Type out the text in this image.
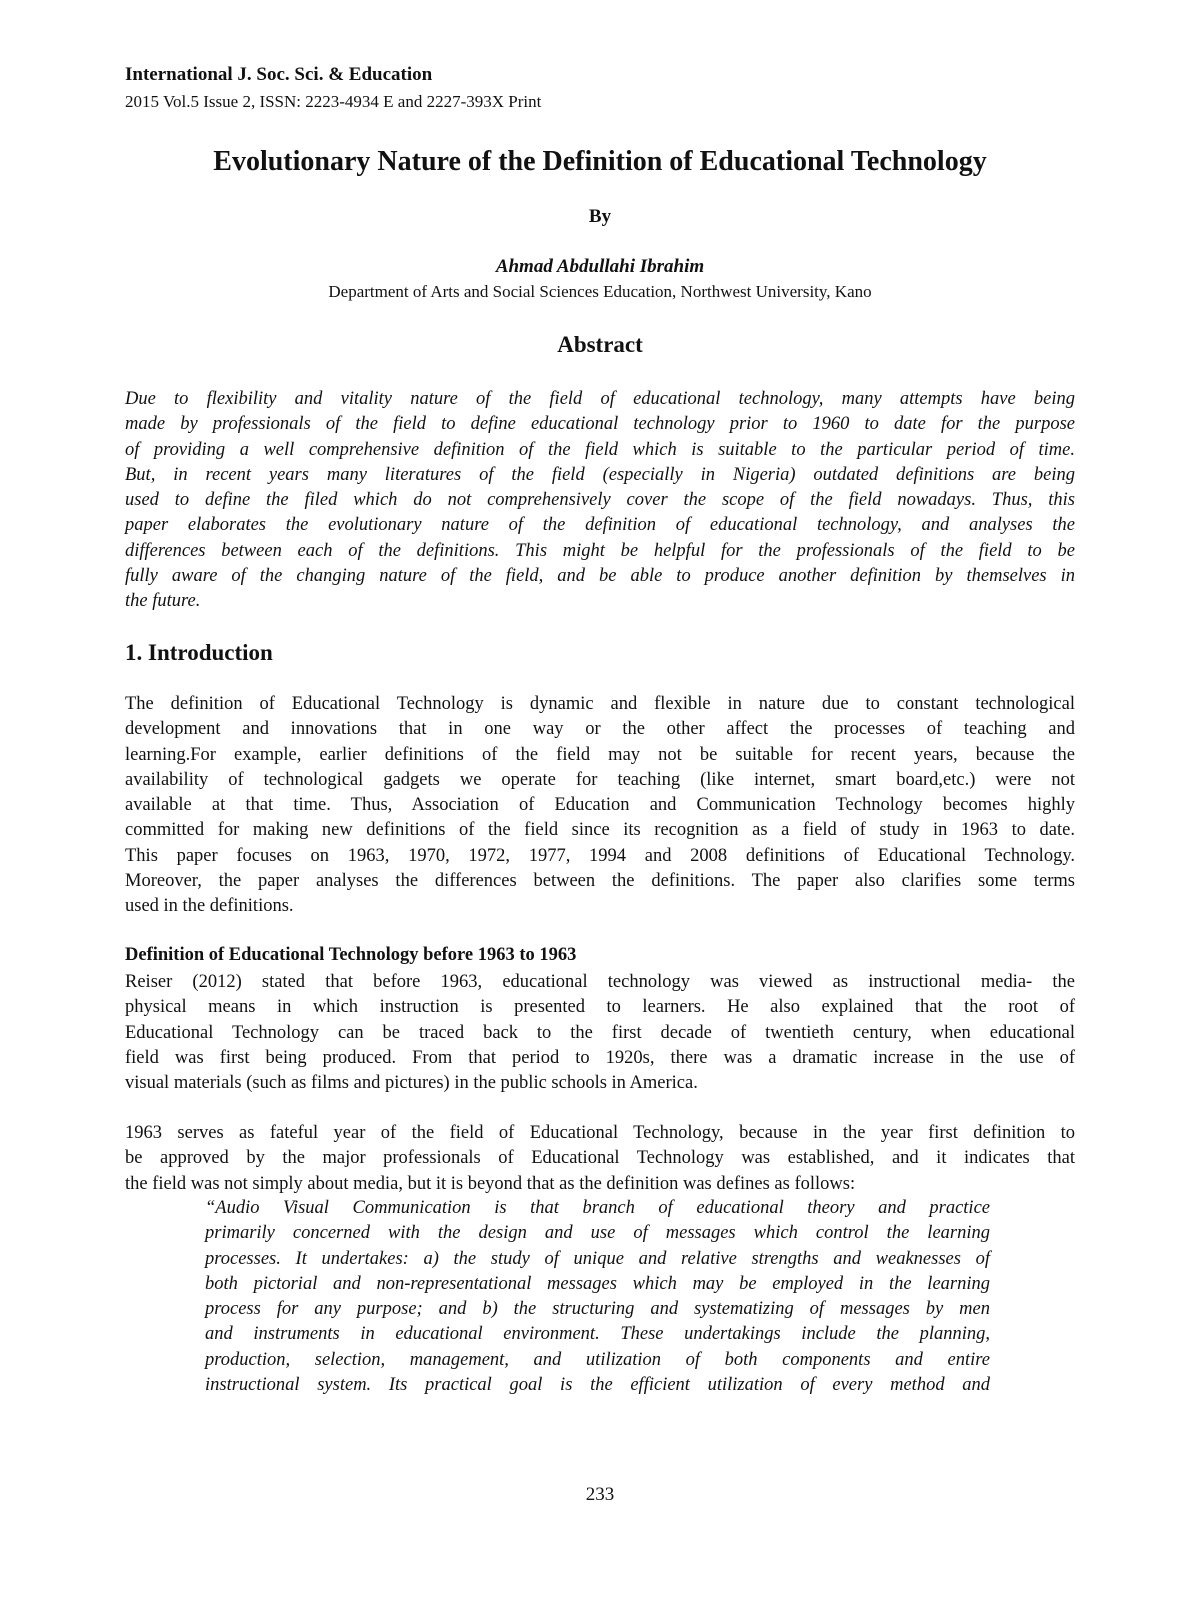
International J. Soc. Sci. & Education
2015 Vol.5 Issue 2, ISSN: 2223-4934 E and 2227-393X Print
Evolutionary Nature of the Definition of Educational Technology
By
Ahmad Abdullahi Ibrahim
Department of Arts and Social Sciences Education, Northwest University, Kano
Abstract
Due to flexibility and vitality nature of the field of educational technology, many attempts have being
made by professionals of the field to define educational technology prior to 1960 to date for the purpose
of providing a well comprehensive definition of the field which is suitable to the particular period of time.
But, in recent years many literatures of the field (especially in Nigeria) outdated definitions are being
used to define the filed which do not comprehensively cover the scope of the field nowadays. Thus, this
paper elaborates the evolutionary nature of the definition of educational technology, and analyses the
differences between each of the definitions. This might be helpful for the professionals of the field to be
fully aware of the changing nature of the field, and be able to produce another definition by themselves in
the future.
1. Introduction
The definition of Educational Technology is dynamic and flexible in nature due to constant technological
development and innovations that in one way or the other affect the processes of teaching and
learning.For example, earlier definitions of the field may not be suitable for recent years, because the
availability of technological gadgets we operate for teaching (like internet, smart board,etc.) were not
available at that time. Thus, Association of Education and Communication Technology becomes highly
committed for making new definitions of the field since its recognition as a field of study in 1963 to date.
This paper focuses on 1963, 1970, 1972, 1977, 1994 and 2008 definitions of Educational Technology.
Moreover, the paper analyses the differences between the definitions. The paper also clarifies some terms
used in the definitions.
Definition of Educational Technology before 1963 to 1963
Reiser (2012) stated that before 1963, educational technology was viewed as instructional media- the
physical means in which instruction is presented to learners. He also explained that the root of
Educational Technology can be traced back to the first decade of twentieth century, when educational
field was first being produced. From that period to 1920s, there was a dramatic increase in the use of
visual materials (such as films and pictures) in the public schools in America.
1963 serves as fateful year of the field of Educational Technology, because in the year first definition to
be approved by the major professionals of Educational Technology was established, and it indicates that
the field was not simply about media, but it is beyond that as the definition was defines as follows:
“Audio Visual Communication is that branch of educational theory and practice
primarily concerned with the design and use of messages which control the learning
processes. It undertakes: a) the study of unique and relative strengths and weaknesses of
both pictorial and non-representational messages which may be employed in the learning
process for any purpose; and b) the structuring and systematizing of messages by men
and instruments in educational environment. These undertakings include the planning,
production, selection, management, and utilization of both components and entire
instructional system. Its practical goal is the efficient utilization of every method and
233
